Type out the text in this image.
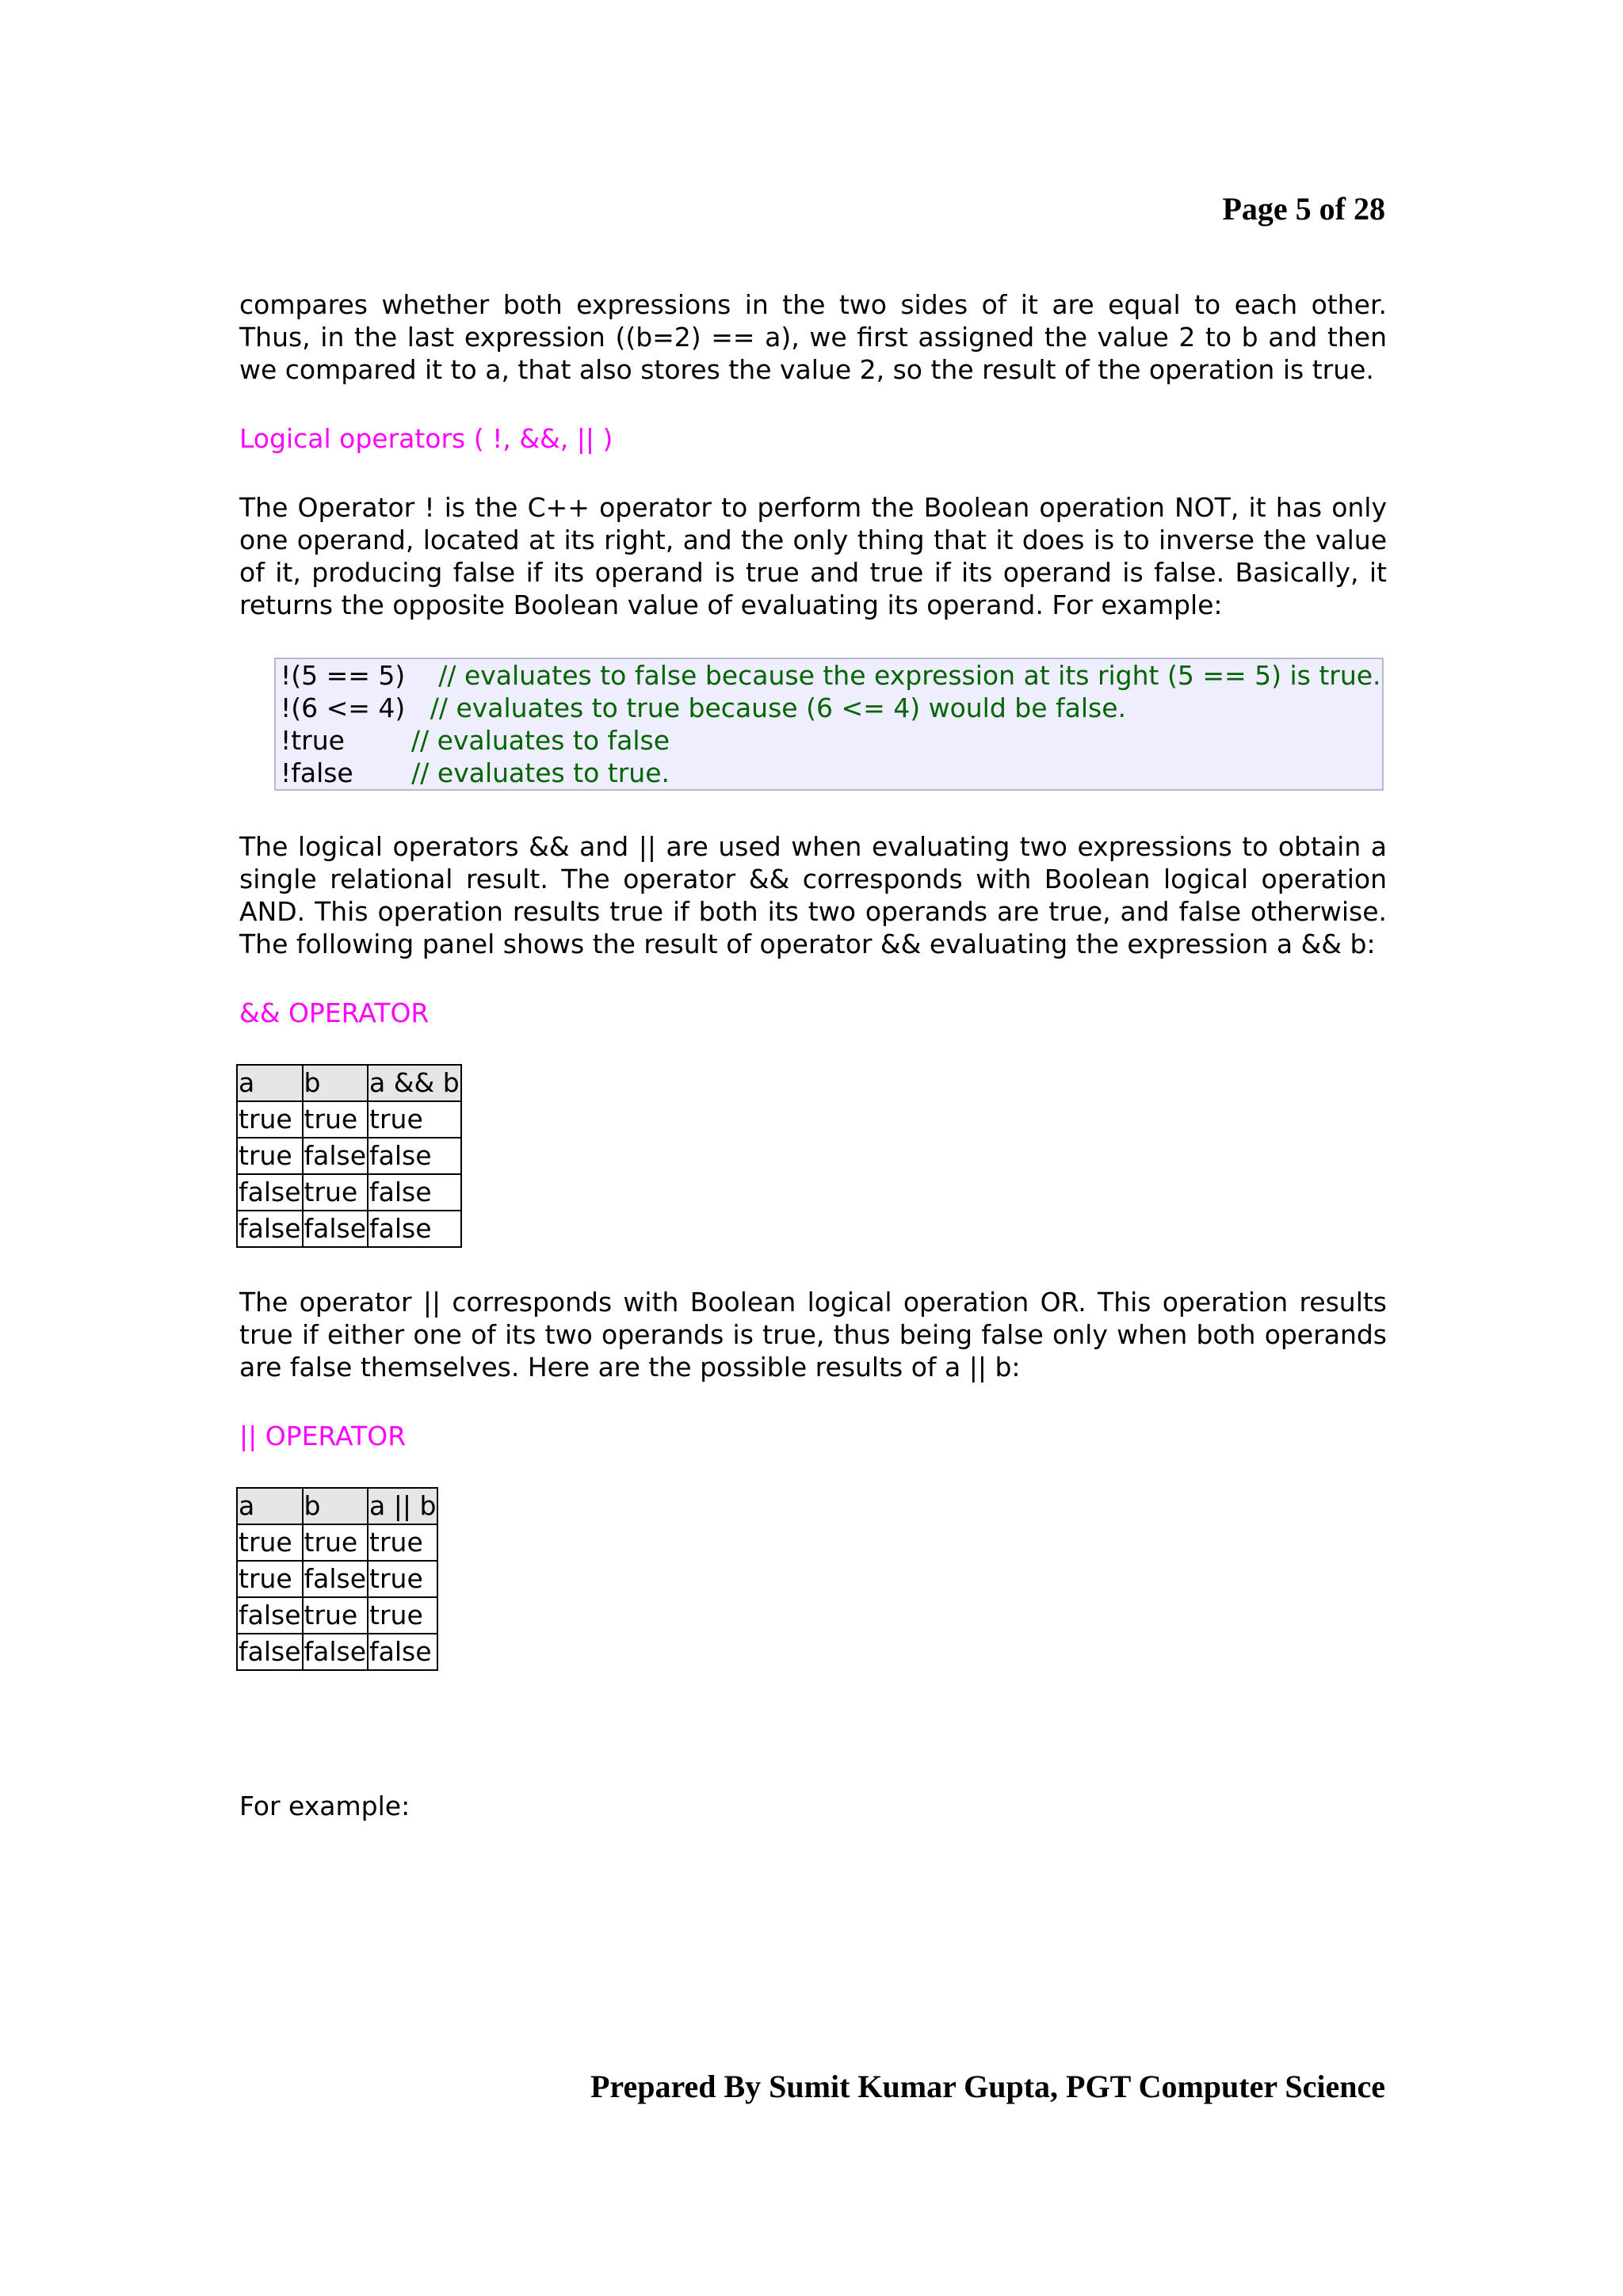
Page 5 of 28

compares whether both expressions in the two sides of it are equal to each other. Thus, in the last expression ((b=2) == a), we first assigned the value 2 to b and then we compared it to a, that also stores the value 2, so the result of the operation is true.

Logical operators ( !, &&, || )

The Operator ! is the C++ operator to perform the Boolean operation NOT, it has only one operand, located at its right, and the only thing that it does is to inverse the value of it, producing false if its operand is true and true if its operand is false. Basically, it returns the opposite Boolean value of evaluating its operand. For example:

!(5 == 5)    // evaluates to false because the expression at its right (5 == 5) is true.

!(6 <= 4)   // evaluates to true because (6 <= 4) would be false.

!true        // evaluates to false

!false       // evaluates to true.

The logical operators && and || are used when evaluating two expressions to obtain a single relational result. The operator && corresponds with Boolean logical operation AND. This operation results true if both its two operands are true, and false otherwise. The following panel shows the result of operator && evaluating the expression a && b:

&& OPERATOR

a	b	a && b
true	true	true
true	false	false
false	true	false
false	false	false

The operator || corresponds with Boolean logical operation OR. This operation results true if either one of its two operands is true, thus being false only when both operands are false themselves. Here are the possible results of a || b:

|| OPERATOR

a	b	a || b
true	true	true
true	false	true
false	true	true
false	false	false

For example:

Prepared By Sumit Kumar Gupta, PGT Computer Science
